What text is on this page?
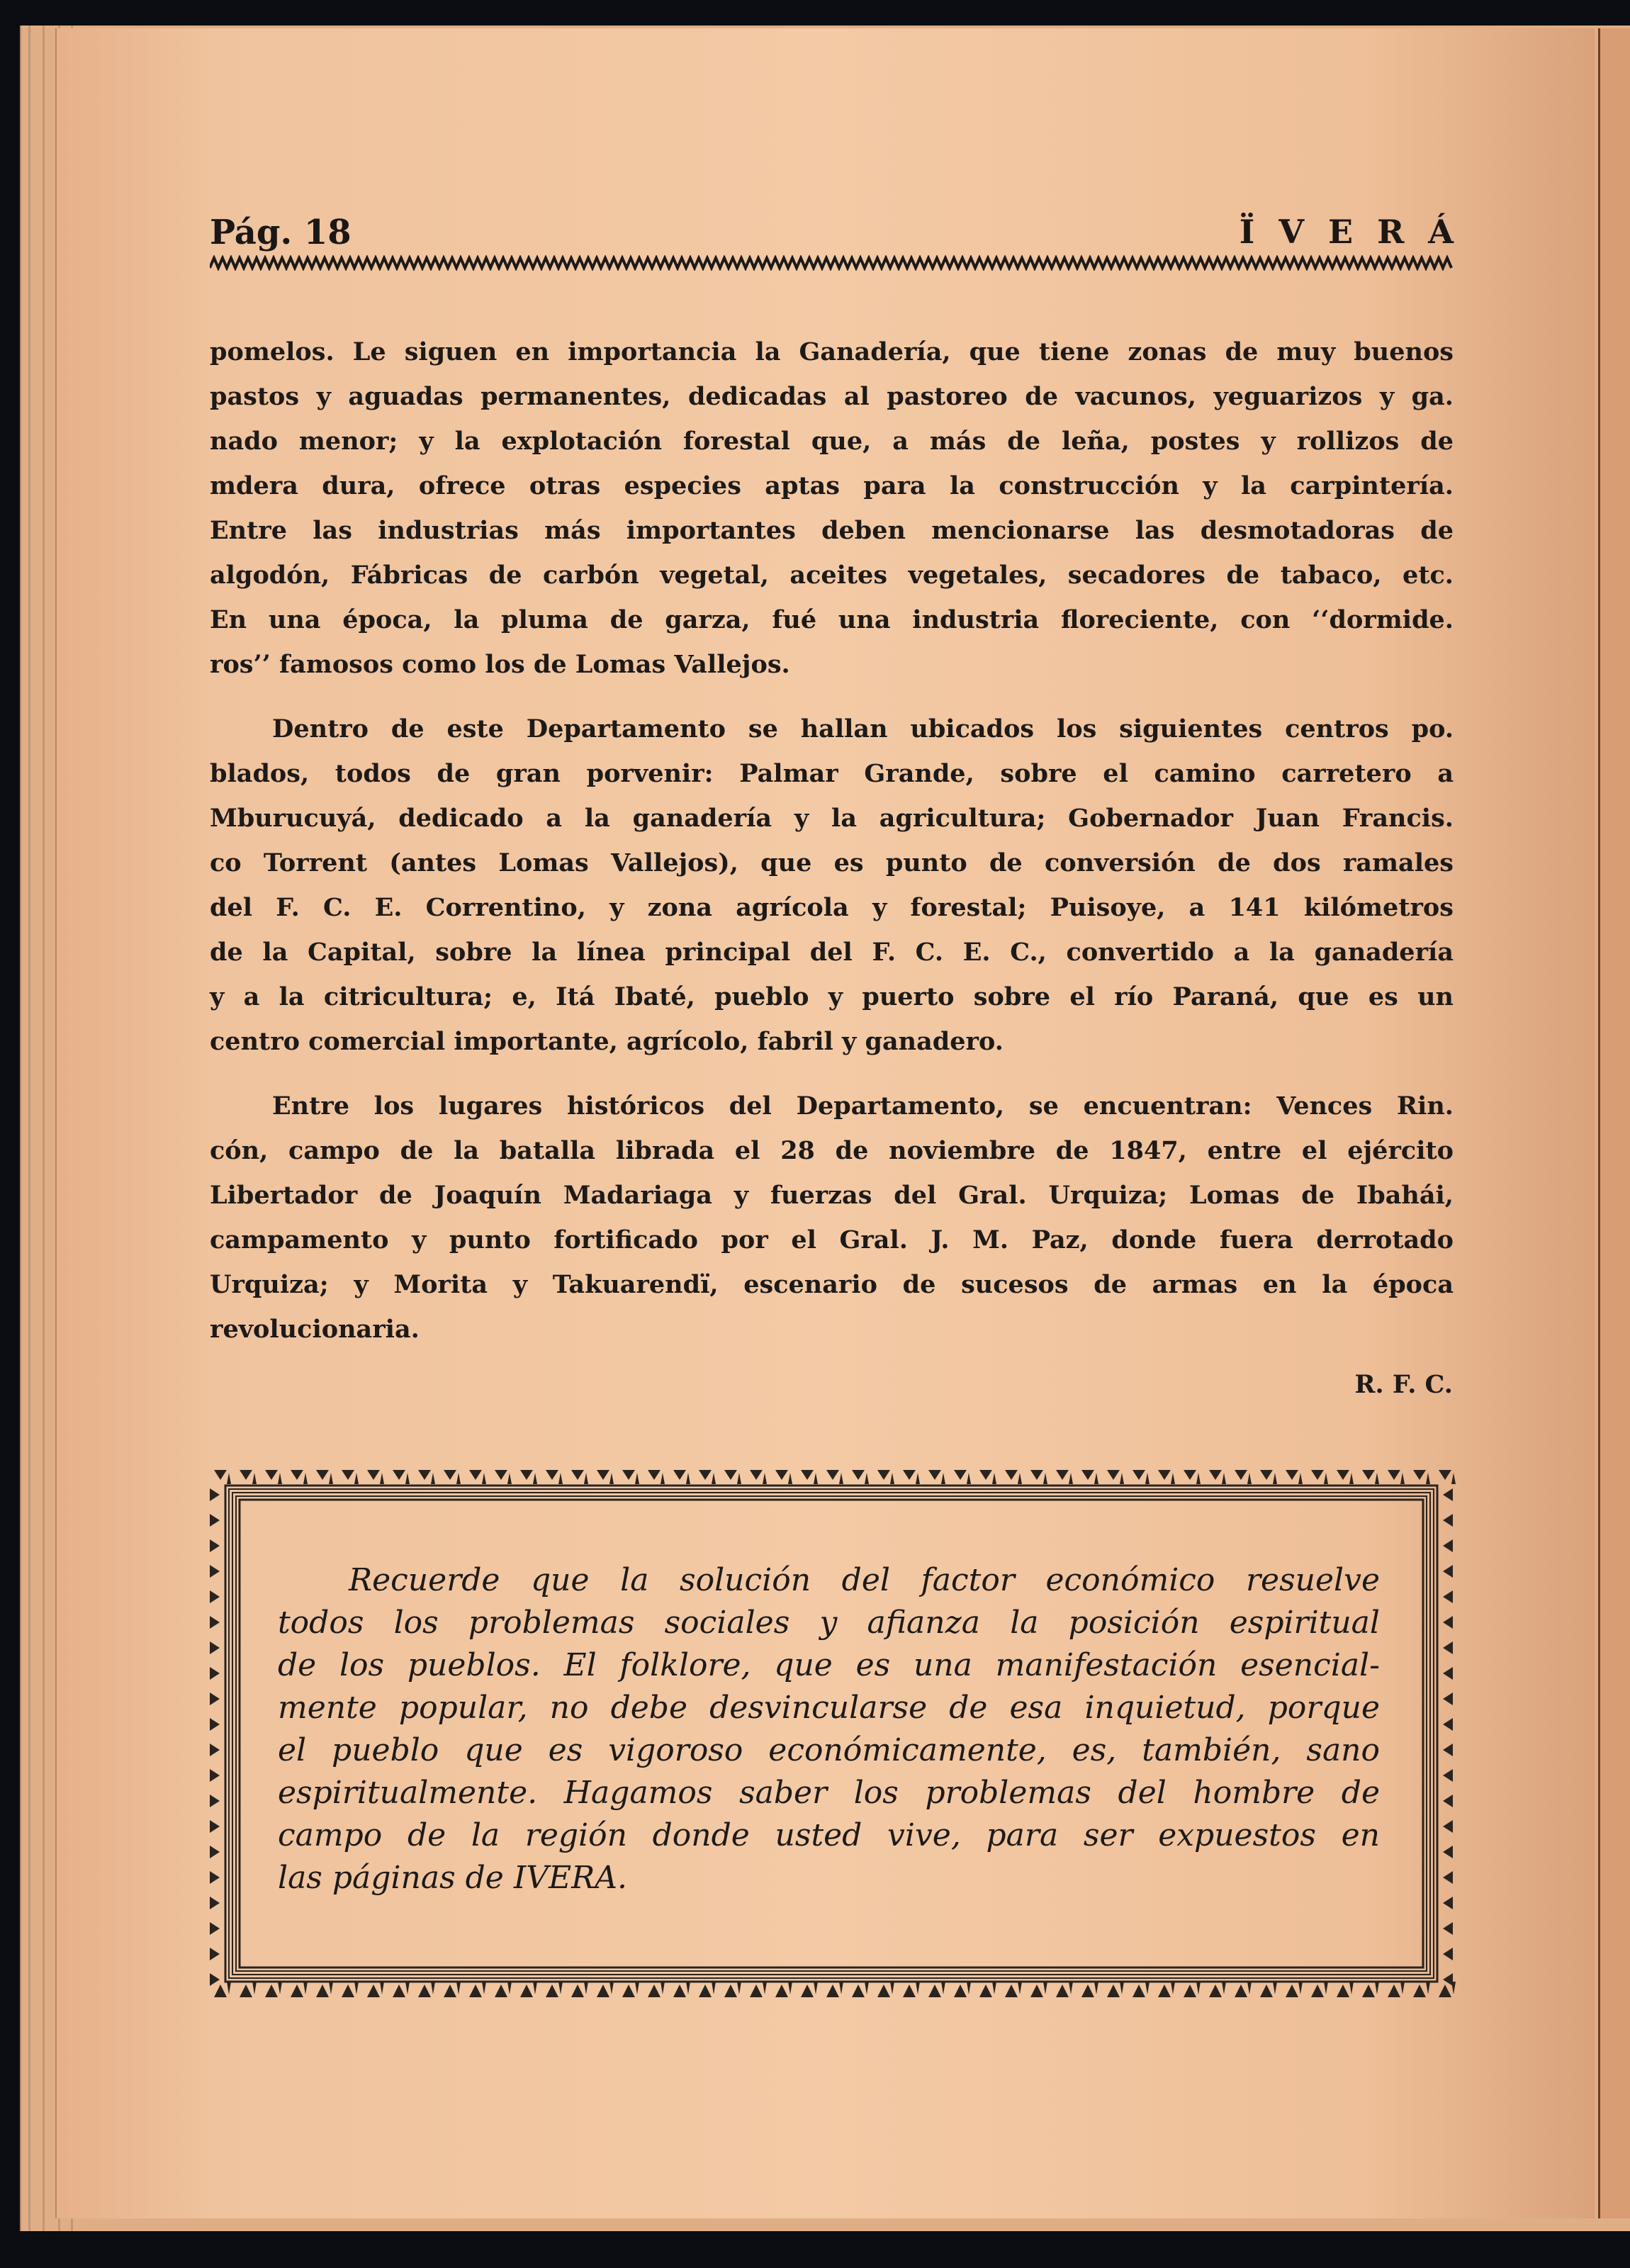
Pág. 18	ÏVERÁ

pomelos. Le siguen en importancia la Ganadería, que tiene zonas de muy buenos
pastos y aguadas permanentes, dedicadas al pastoreo de vacunos, yeguarizos y ga.
nado menor; y la explotación forestal que, a más de leña, postes y rollizos de
mdera dura, ofrece otras especies aptas para la construcción y la carpintería.
Entre las industrias más importantes deben mencionarse las desmotadoras de
algodón, Fábricas de carbón vegetal, aceites vegetales, secadores de tabaco, etc.
En una época, la pluma de garza, fué una industria floreciente, con ‘‘dormide.
ros’’ famosos como los de Lomas Vallejos.

Dentro de este Departamento se hallan ubicados los siguientes centros po.
blados, todos de gran porvenir: Palmar Grande, sobre el camino carretero a
Mburucuyá, dedicado a la ganadería y la agricultura; Gobernador Juan Francis.
co Torrent (antes Lomas Vallejos), que es punto de conversión de dos ramales
del F. C. E. Correntino, y zona agrícola y forestal; Puisoye, a 141 kilómetros
de la Capital, sobre la línea principal del F. C. E. C., convertido a la ganadería
y a la citricultura; e, Itá Ibaté, pueblo y puerto sobre el río Paraná, que es un
centro comercial importante, agrícolo, fabril y ganadero.

Entre los lugares históricos del Departamento, se encuentran: Vences Rin.
cón, campo de la batalla librada el 28 de noviembre de 1847, entre el ejército
Libertador de Joaquín Madariaga y fuerzas del Gral. Urquiza; Lomas de Ibahái,
campamento y punto fortificado por el Gral. J. M. Paz, donde fuera derrotado
Urquiza; y Morita y Takuarendï, escenario de sucesos de armas en la época
revolucionaria.

R. F. C.
Recuerde que la solución del factor económico resuelve
todos los problemas sociales y afianza la posición espiritual
de los pueblos. El folklore, que es una manifestación esencial-
mente popular, no debe desvincularse de esa inquietud, porque
el pueblo que es vigoroso económicamente, es, también, sano
espiritualmente. Hagamos saber los problemas del hombre de
campo de la región donde usted vive, para ser expuestos en
las páginas de IVERA.
